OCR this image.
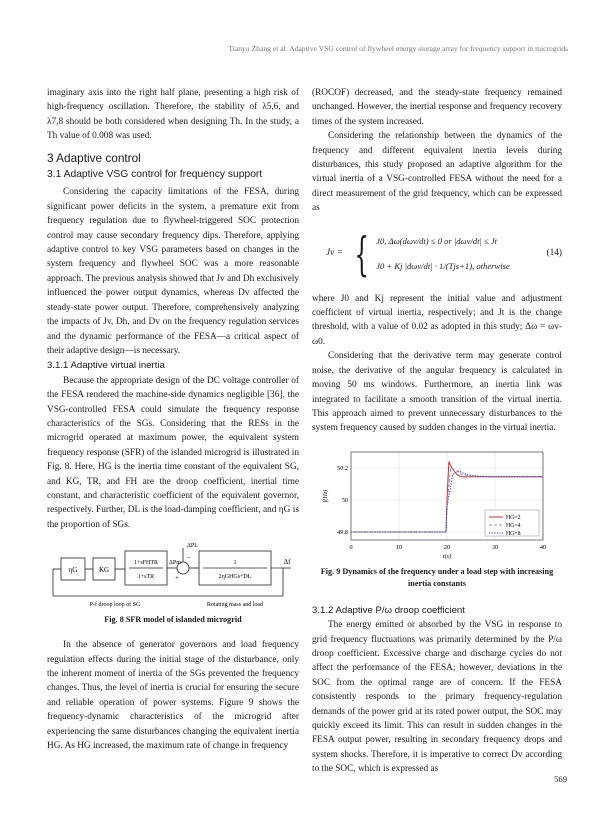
Tianyu Zhang et al. Adaptive VSG control of flywheel energy storage array for frequency support in microgrids

imaginary axis into the right half plane, presenting a high risk of high-frequency oscillation. Therefore, the stability of λ5,6, and λ7,8 should be both considered when designing Th. In the study, a Th value of 0.008 was used.

3 Adaptive control
3.1 Adaptive VSG control for frequency support

Considering the capacity limitations of the FESA, during significant power deficits in the system, a premature exit from frequency regulation due to flywheel-triggered SOC protection control may cause secondary frequency dips. Therefore, applying adaptive control to key VSG parameters based on changes in the system frequency and flywheel SOC was a more reasonable approach. The previous analysis showed that Jv and Dh exclusively influenced the power output dynamics, whereas Dv affected the steady-state power output. Therefore, comprehensively analyzing the impacts of Jv, Dh, and Dv on the frequency regulation services and the dynamic performance of the FESA—a critical aspect of their adaptive design—is necessary.

3.1.1 Adaptive virtual inertia

Because the appropriate design of the DC voltage controller of the FESA rendered the machine-side dynamics negligible [36], the VSG-controlled FESA could simulate the frequency response characteristics of the SGs. Considering that the RESs in the microgrid operated at maximum power, the equivalent system frequency response (SFR) of the islanded microgrid is illustrated in Fig. 8. Here, HG is the inertia time constant of the equivalent SG, and KG, TR, and FH are the droop coefficient, inertial time constant, and characteristic coefficient of the equivalent governor, respectively. Further, DL is the load-damping coefficient, and ηG is the proportion of SGs.

ηG	KG
1+sFHTR
1+sTR
ΔPL
ΔPm
+
−
1
2ηGHGs+DL
Δf
P-f droop loop of SG	Rotating mass and load
Fig. 8 SFR model of islanded microgrid

In the absence of generator governors and load frequency regulation effects during the initial stage of the disturbance, only the inherent moment of inertia of the SGs prevented the frequency changes. Thus, the level of inertia is crucial for ensuring the secure and reliable operation of power systems. Figure 9 shows the frequency-dynamic characteristics of the microgrid after experiencing the same disturbances changing the equivalent inertia HG. As HG increased, the maximum rate of change in frequency

(ROCOF) decreased, and the steady-state frequency remained unchanged. However, the inertial response and frequency recovery times of the system increased.

Considering the relationship between the dynamics of the frequency and different equivalent inertia levels during disturbances, this study proposed an adaptive algorithm for the virtual inertia of a VSG-controlled FESA without the need for a direct measurement of the grid frequency, which can be expressed as

Jv = { J0, Δω(dωv/dt) ≤ 0 or |dωv/dt| ≤ Jt
J0 + Kj |dωv/dt| · 1/(Tjs+1), otherwise
(14)

where J0 and Kj represent the initial value and adjustment coefficient of virtual inertia, respectively; and Jt is the change threshold, with a value of 0.02 as adopted in this study; Δω = ωv-ω0.

Considering that the derivative term may generate control noise, the derivative of the angular frequency is calculated in moving 50 ms windows. Furthermore, an inertia link was integrated to facilitate a smooth transition of the virtual inertia. This approach aimed to prevent unnecessary disturbances to the system frequency caused by sudden changes in the virtual inertia.

0	10	20	30	40
49.8
50
50.2
t(s)
f(Hz)
HG=2
HG=4
HG=8
Fig. 9 Dynamics of the frequency under a load step with increasing inertia constants
3.1.2 Adaptive P/ω droop coefficient

The energy emitted or absorbed by the VSG in response to grid frequency fluctuations was primarily determined by the P/ω droop coefficient. Excessive charge and discharge cycles do not affect the performance of the FESA; however, deviations in the SOC from the optimal range are of concern. If the FESA consistently responds to the primary frequency-regulation demands of the power grid at its rated power output, the SOC may quickly exceed its limit. This can result in sudden changes in the FESA output power, resulting in secondary frequency drops and system shocks. Therefore, it is imperative to correct Dv according to the SOC, which is expressed as

569
